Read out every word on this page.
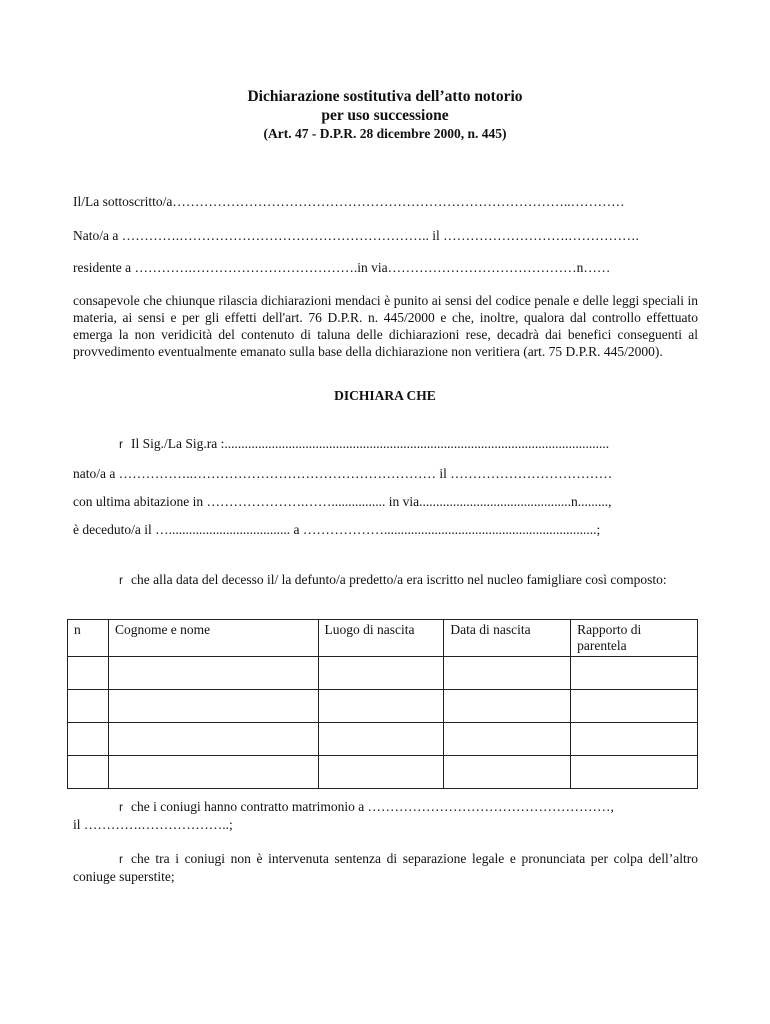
Dichiarazione sostitutiva dell’atto notorio
per uso successione
(Art. 47 - D.P.R. 28 dicembre 2000, n. 445)
Il/La sottoscritto/a……………………………………………………………………………..…………
Nato/a a ………….……………………………………………….. il ……………………….…………….
residente a ………….……………………………….in via……………………………………n……
consapevole che chiunque rilascia dichiarazioni mendaci è punito ai sensi del codice penale e delle leggi speciali in materia, ai sensi e per gli effetti dell'art. 76 D.P.R. n. 445/2000 e che, inoltre, qualora dal controllo effettuato emerga la non veridicità del contenuto di taluna delle dichiarazioni rese, decadrà dai benefici conseguenti al provvedimento eventualmente emanato sulla base della dichiarazione non veritiera (art. 75 D.P.R. 445/2000).
DICHIARA CHE
r Il Sig./La Sig.ra :..................................................................................................................
nato/a a ……………..……………………………………………… il ………………………………
con ultima abitazione in ………………….……................ in via.............................................n.........,
è deceduto/a il ….................................... a ………………...............................................................;
r che alla data del decesso il/ la defunto/a predetto/a era iscritto nel nucleo famigliare così composto:
n	Cognome e nome	Luogo di nascita	Data di nascita	Rapporto di parentela

r che i coniugi hanno contratto matrimonio a ………………………………………………,
il ………….………………..;
r che tra i coniugi non è intervenuta sentenza di separazione legale e pronunciata per colpa dell’altro coniuge superstite;
